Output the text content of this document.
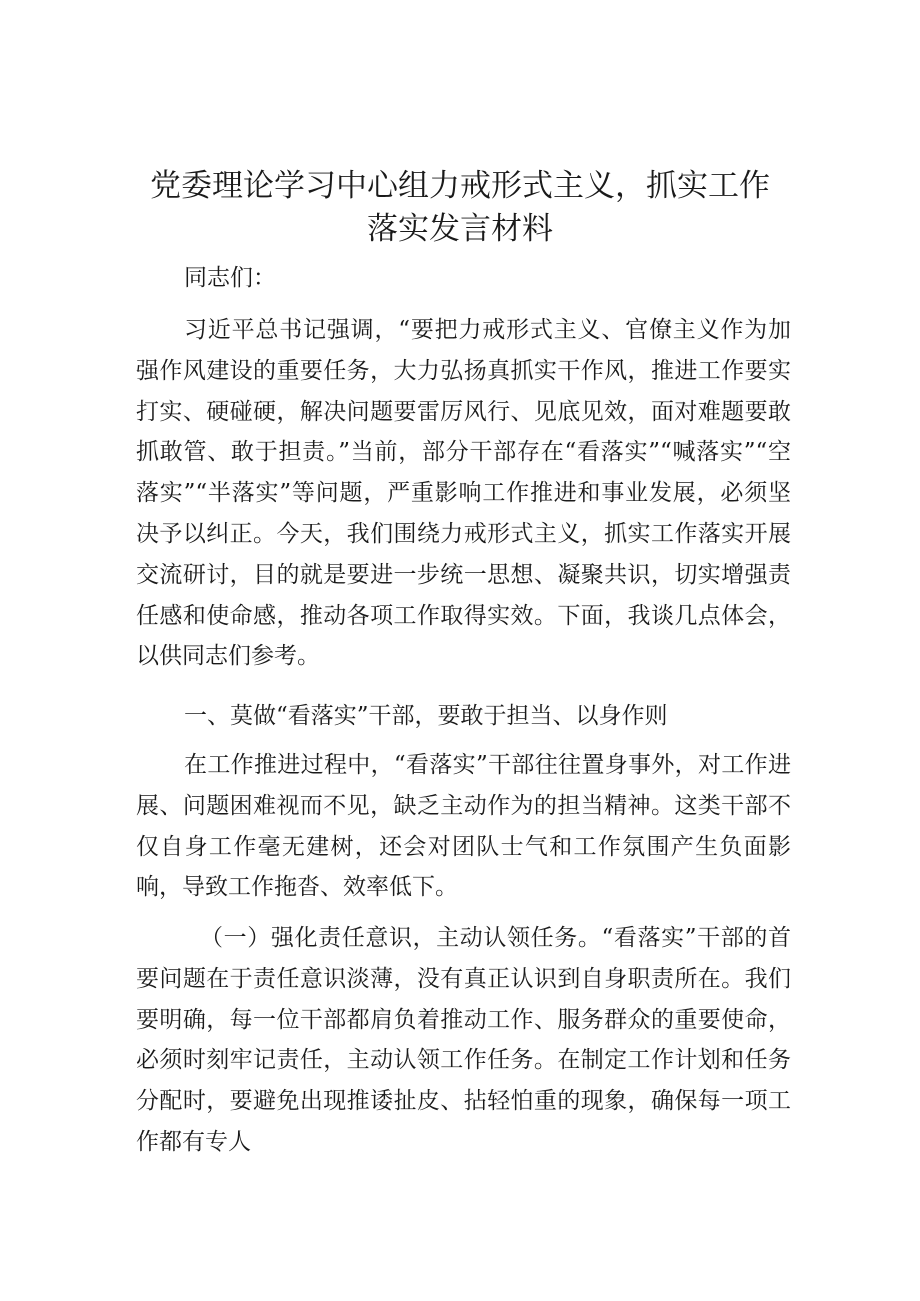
党委理论学习中心组力戒形式主义，抓实工作
落实发言材料
同志们：

习近平总书记强调，“要把力戒形式主义、官僚主义作为加强作风建设的重要任务，大力弘扬真抓实干作风，推进工作要实打实、硬碰硬，解决问题要雷厉风行、见底见效，面对难题要敢抓敢管、敢于担责。”当前，部分干部存在“看落实”“喊落实”“空落实”“半落实”等问题，严重影响工作推进和事业发展，必须坚决予以纠正。今天，我们围绕力戒形式主义，抓实工作落实开展交流研讨，目的就是要进一步统一思想、凝聚共识，切实增强责任感和使命感，推动各项工作取得实效。下面，我谈几点体会，以供同志们参考。

一、莫做“看落实”干部，要敢于担当、以身作则

在工作推进过程中，“看落实”干部往往置身事外，对工作进展、问题困难视而不见，缺乏主动作为的担当精神。这类干部不仅自身工作毫无建树，还会对团队士气和工作氛围产生负面影响，导致工作拖沓、效率低下。

（一）强化责任意识，主动认领任务。“看落实”干部的首要问题在于责任意识淡薄，没有真正认识到自身职责所在。我们要明确，每一位干部都肩负着推动工作、服务群众的重要使命，必须时刻牢记责任，主动认领工作任务。在制定工作计划和任务分配时，要避免出现推诿扯皮、拈轻怕重的现象，确保每一项工作都有专人
